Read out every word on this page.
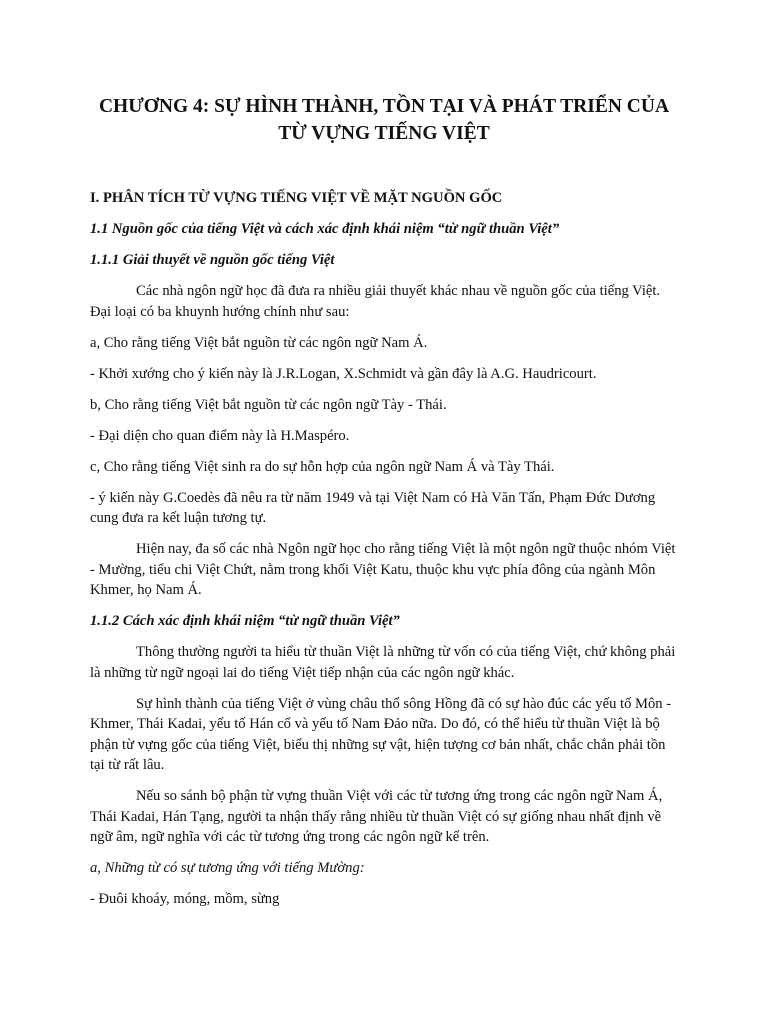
CHƯƠNG 4: SỰ HÌNH THÀNH, TỒN TẠI VÀ PHÁT TRIỂN CỦA
TỪ VỰNG TIẾNG VIỆT

I. PHÂN TÍCH TỪ VỰNG TIẾNG VIỆT VỀ MẶT NGUỒN GỐC

1.1 Nguồn gốc của tiếng Việt và cách xác định khái niệm “từ ngữ thuần Việt”

1.1.1 Giải thuyết về nguồn gốc tiếng Việt

Các nhà ngôn ngữ học đã đưa ra nhiều giải thuyết khác nhau về nguồn gốc của tiếng Việt. Đại loại có ba khuynh hướng chính như sau:

a, Cho rằng tiếng Việt bắt nguồn từ các ngôn ngữ Nam Á.

- Khởi xướng cho ý kiến này là J.R.Logan, X.Schmidt và gần đây là A.G. Haudricourt.

b, Cho rằng tiếng Việt bắt nguồn từ các ngôn ngữ Tày - Thái.

- Đại diện cho quan điểm này là H.Maspéro.

c, Cho rằng tiếng Việt sinh ra do sự hỗn hợp của ngôn ngữ Nam Á và Tày Thái.

- ý kiến này G.Coedès đã nêu ra từ năm 1949 và tại Việt Nam có Hà Văn Tấn, Phạm Đức Dương cung đưa ra kết luận tương tự.

Hiện nay, đa số các nhà Ngôn ngữ học cho rằng tiếng Việt là một ngôn ngữ thuộc nhóm Việt - Mường, tiểu chi Việt Chứt, nằm trong khối Việt Katu, thuộc khu vực phía đông của ngành Môn Khmer, họ Nam Á.

1.1.2 Cách xác định khái niệm “từ ngữ thuần Việt”

Thông thường người ta hiểu từ thuần Việt là những từ vốn có của tiếng Việt, chứ không phải là những từ ngữ ngoại lai do tiếng Việt tiếp nhận của các ngôn ngữ khác.

Sự hình thành của tiếng Việt ở vùng châu thổ sông Hồng đã có sự hào đúc các yếu tố Môn - Khmer, Thái Kadai, yếu tố Hán cổ và yếu tố Nam Đảo nữa. Do đó, có thể hiểu từ thuần Việt là bộ phận từ vựng gốc của tiếng Việt, biểu thị những sự vật, hiện tượng cơ bản nhất, chắc chắn phải tồn tại từ rất lâu.

Nếu so sánh bộ phận từ vựng thuần Việt với các từ tương ứng trong các ngôn ngữ Nam Á, Thái Kadai, Hán Tạng, người ta nhận thấy rằng nhiều từ thuần Việt có sự giống nhau nhất định về ngữ âm, ngữ nghĩa với các từ tương ứng trong các ngôn ngữ kể trên.

a, Những từ có sự tương ứng với tiếng Mường:

- Đuôi khoáy, móng, mồm, sừng
